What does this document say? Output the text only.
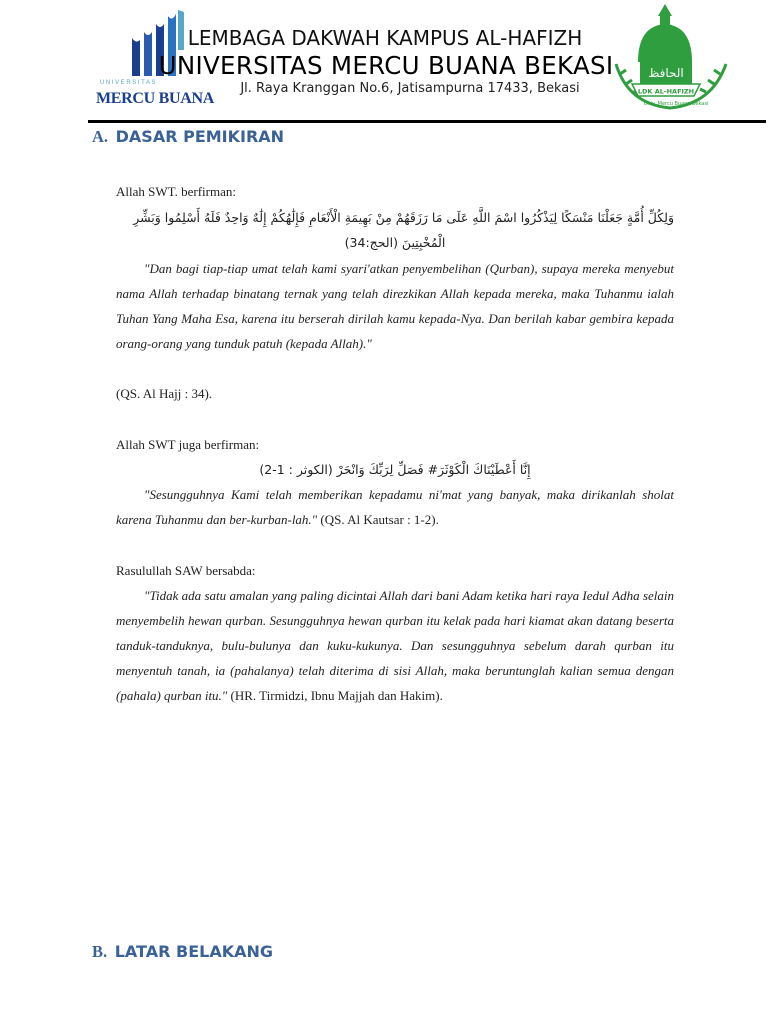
UNIVERSITAS
MERCU BUANA
LEMBAGA DAKWAH KAMPUS AL-HAFIZH
UNIVERSITAS MERCU BUANA BEKASI
Jl. Raya Kranggan No.6, Jatisampurna 17433, Bekasi
الحافظ
LDK AL-HAFIZH
Univ. Mercu Buana Bekasi
A. DASAR PEMIKIRAN
Allah SWT. berfirman:
وَلِكُلِّ أُمَّةٍ جَعَلْنَا مَنْسَكًا لِيَذْكُرُوا اسْمَ اللَّهِ عَلَى مَا رَزَقَهُمْ مِنْ بَهِيمَةِ الْأَنْعَامِ فَإِلَٰهُكُمْ إِلَٰهٌ وَاحِدٌ فَلَهُ أَسْلِمُوا وَبَشِّرِ
الْمُخْبِتِينَ (الحج:34)
"Dan bagi tiap-tiap umat telah kami syari'atkan penyembelihan (Qurban), supaya mereka menyebut nama Allah terhadap binatang ternak yang telah direzkikan Allah kepada mereka, maka Tuhanmu ialah Tuhan Yang Maha Esa, karena itu berserah dirilah kamu kepada-Nya. Dan berilah kabar gembira kepada orang-orang yang tunduk patuh (kepada Allah)."
(QS. Al Hajj : 34).
Allah SWT juga berfirman:
إِنَّا أَعْطَيْنَاكَ الْكَوْثَرَ# فَصَلِّ لِرَبِّكَ وَانْحَرْ (الكوثر : 1-2)
"Sesungguhnya Kami telah memberikan kepadamu ni'mat yang banyak, maka dirikanlah sholat karena Tuhanmu dan ber-kurban-lah." (QS. Al Kautsar : 1-2).
Rasulullah SAW bersabda:
"Tidak ada satu amalan yang paling dicintai Allah dari bani Adam ketika hari raya Iedul Adha selain menyembelih hewan qurban. Sesungguhnya hewan qurban itu kelak pada hari kiamat akan datang beserta tanduk-tanduknya, bulu-bulunya dan kuku-kukunya. Dan sesungguhnya sebelum darah qurban itu menyentuh tanah, ia (pahalanya) telah diterima di sisi Allah, maka beruntunglah kalian semua dengan (pahala) qurban itu." (HR. Tirmidzi, Ibnu Majjah dan Hakim).
B. LATAR BELAKANG
